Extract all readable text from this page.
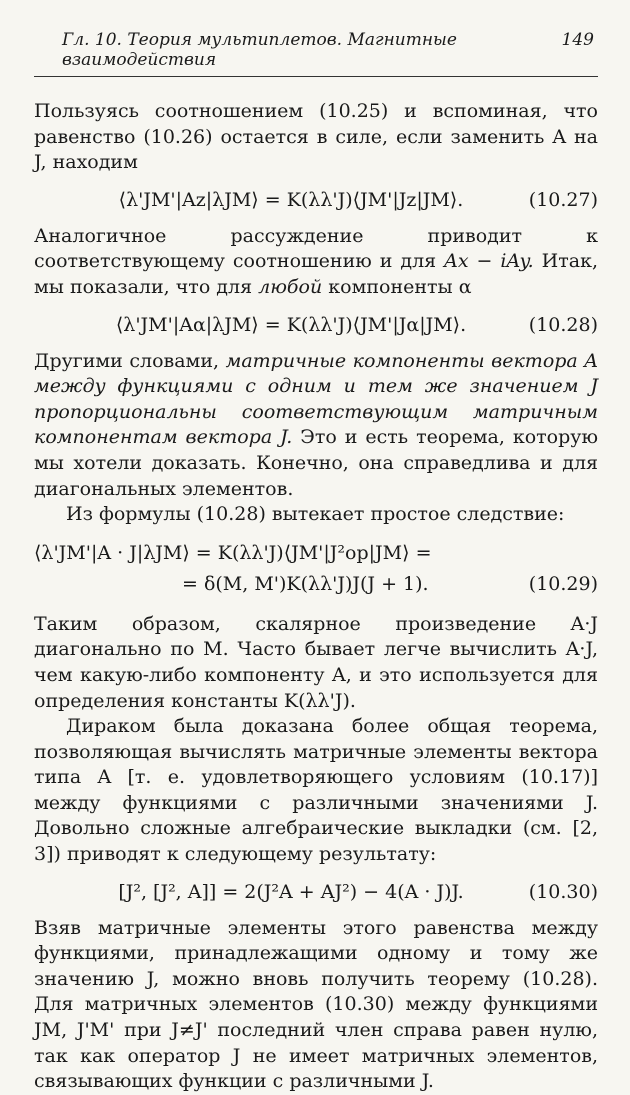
Гл. 10. Теория мультиплетов. Магнитные взаимодействия
149

Пользуясь соотношением (10.25) и вспоминая, что равенство (10.26) остается в силе, если заменить A на J, находим

⟨λ'JM'|Az|λJM⟩ = K(λλ'J)⟨JM'|Jz|JM⟩.	(10.27)

Аналогичное рассуждение приводит к соответствующему соотношению и для Ax − iAy. Итак, мы показали, что для любой компоненты α

⟨λ'JM'|Aα|λJM⟩ = K(λλ'J)⟨JM'|Jα|JM⟩.	(10.28)

Другими словами, матричные компоненты вектора A между функциями с одним и тем же значением J пропорциональны соответствующим матричным компонентам вектора J. Это и есть теорема, которую мы хотели доказать. Конечно, она справедлива и для диагональных элементов.

Из формулы (10.28) вытекает простое следствие:

⟨λ'JM'|A · J|λJM⟩ = K(λλ'J)⟨JM'|J²op|JM⟩ =
= δ(M, M')K(λλ'J)J(J + 1).	(10.29)

Таким образом, скалярное произведение A·J диагонально по M. Часто бывает легче вычислить A·J, чем какую-либо компоненту A, и это используется для определения константы K(λλ'J).

Дираком была доказана более общая теорема, позволяющая вычислять матричные элементы вектора типа A [т. е. удовлетворяющего условиям (10.17)] между функциями с различными значениями J. Довольно сложные алгебраические выкладки (см. [2, 3]) приводят к следующему результату:

[J², [J², A]] = 2(J²A + AJ²) − 4(A · J)J.	(10.30)

Взяв матричные элементы этого равенства между функциями, принадлежащими одному и тому же значению J, можно вновь получить теорему (10.28). Для матричных элементов (10.30) между функциями JM, J'M' при J≠J' последний член справа равен нулю, так как оператор J не имеет матричных элементов, связывающих функции с различными J.
